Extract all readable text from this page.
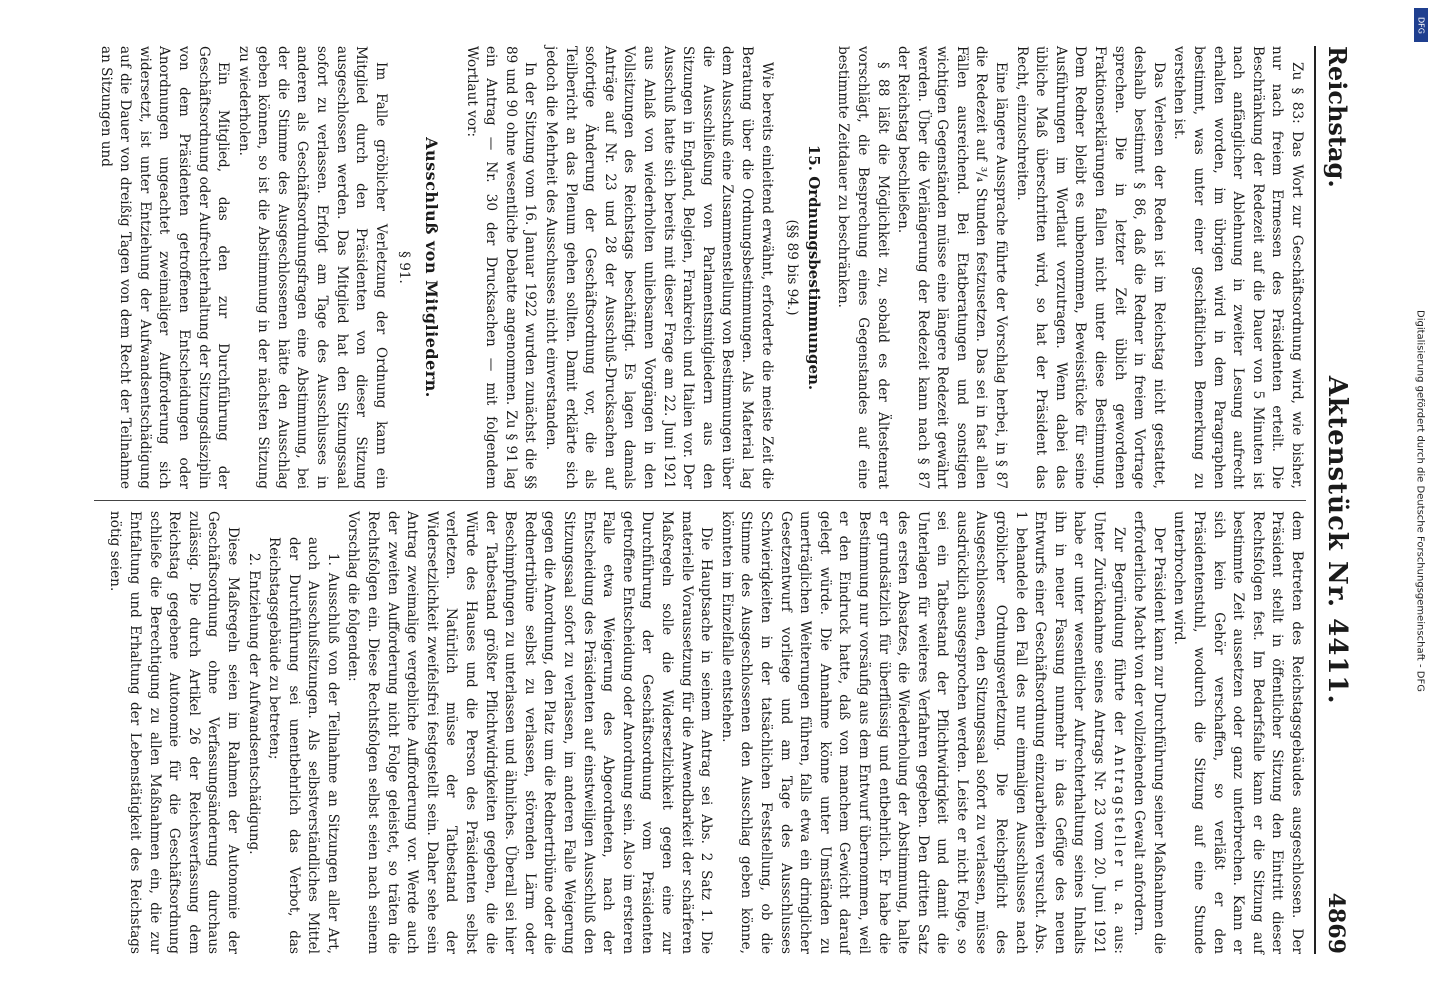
Reichstag.
Aktenstück Nr. 4411.
4869

Zu § 83: Das Wort zur Geschäftsordnung wird, wie bisher, nur nach freiem Ermessen des Präsidenten erteilt. Die Beschränkung der Redezeit auf die Dauer von 5 Minuten ist nach anfänglicher Ablehnung in zweiter Lesung aufrecht erhalten worden, im übrigen wird in dem Paragraphen bestimmt, was unter einer geschäftlichen Bemerkung zu verstehen ist.

Das Verlesen der Reden ist im Reichstag nicht gestattet, deshalb bestimmt § 86, daß die Redner in freiem Vortrage sprechen. Die in letzter Zeit üblich gewordenen Fraktionserklärungen fallen nicht unter diese Bestimmung. Dem Redner bleibt es unbenommen, Beweisstücke für seine Ausführungen im Wortlaut vorzutragen. Wenn dabei das übliche Maß überschritten wird, so hat der Präsident das Recht, einzuschreiten.

Eine längere Aussprache führte der Vorschlag herbei, in § 87 die Redezeit auf ³/₄ Stunden festzusetzen. Das sei in fast allen Fällen ausreichend. Bei Etatberatungen und sonstigen wichtigen Gegenständen müsse eine längere Redezeit gewährt werden. Über die Verlängerung der Redezeit kann nach § 87 der Reichstag beschließen.

§ 88 läßt die Möglichkeit zu, sobald es der Ältestenrat vorschlägt, die Besprechung eines Gegenstandes auf eine bestimmte Zeitdauer zu beschränken.

15. Ordnungsbestimmungen.
(§§ 89 bis 94.)

Wie bereits einleitend erwähnt, erforderte die meiste Zeit die Beratung über die Ordnungsbestimmungen. Als Material lag dem Ausschuß eine Zusammenstellung von Bestimmungen über die Ausschließung von Parlamentsmitgliedern aus den Sitzungen in England, Belgien, Frankreich und Italien vor. Der Ausschuß hatte sich bereits mit dieser Frage am 22. Juni 1921 aus Anlaß von wiederholten unliebsamen Vorgängen in den Vollsitzungen des Reichstags beschäftigt. Es lagen damals Anträge auf Nr. 23 und 28 der Ausschuß-Drucksachen auf sofortige Änderung der Geschäftsordnung vor, die als Teilbericht an das Plenum gehen sollten. Damit erklärte sich jedoch die Mehrheit des Ausschusses nicht einverstanden.

In der Sitzung vom 16. Januar 1922 wurden zunächst die §§ 89 und 90 ohne wesentliche Debatte angenommen. Zu § 91 lag ein Antrag — Nr. 30 der Drucksachen — mit folgendem Wortlaut vor:

Ausschluß von Mitgliedern.
§ 91.

Im Falle gröblicher Verletzung der Ordnung kann ein Mitglied durch den Präsidenten von dieser Sitzung ausgeschlossen werden. Das Mitglied hat den Sitzungssaal sofort zu verlassen. Erfolgt am Tage des Ausschlusses in anderen als Geschäftsordnungsfragen eine Abstimmung, bei der die Stimme des Ausgeschlossenen hätte den Ausschlag geben können, so ist die Abstimmung in der nächsten Sitzung zu wiederholen.

Ein Mitglied, das den zur Durchführung der Geschäftsordnung oder Aufrechterhaltung der Sitzungsdisziplin von dem Präsidenten getroffenen Entscheidungen oder Anordnungen ungeachtet zweimaliger Aufforderung sich widersetzt, ist unter Entziehung der Aufwandsentschädigung auf die Dauer von dreißig Tagen von dem Recht der Teilnahme an Sitzungen und

dem Betreten des Reichstagsgebäudes ausgeschlossen. Der Präsident stellt in öffentlicher Sitzung den Eintritt dieser Rechtsfolgen fest. Im Bedarfsfalle kann er die Sitzung auf bestimmte Zeit aussetzen oder ganz unterbrechen. Kann er sich kein Gehör verschaffen, so verläßt er den Präsidentenstuhl, wodurch die Sitzung auf eine Stunde unterbrochen wird.

Der Präsident kann zur Durchführung seiner Maßnahmen die erforderliche Macht von der vollziehenden Gewalt anfordern.

Zur Begründung führte der Antragsteller u. a. aus: Unter Zurücknahme seines Antrags Nr. 23 vom 20. Juni 1921 habe er unter wesentlicher Aufrechterhaltung seines Inhalts ihn in neuer Fassung nunmehr in das Gefüge des neuen Entwurfs einer Geschäftsordnung einzuarbeiten versucht. Abs. 1 behandele den Fall des nur einmaligen Ausschlusses nach gröblicher Ordnungsverletzung. Die Reichspflicht des Ausgeschlossenen, den Sitzungssaal sofort zu verlassen, müsse ausdrücklich ausgesprochen werden. Leiste er nicht Folge, so sei ein Tatbestand der Pflichtwidrigkeit und damit die Unterlagen für weiteres Verfahren gegeben. Den dritten Satz des ersten Absatzes, die Wiederholung der Abstimmung, halte er grundsätzlich für überflüssig und entbehrlich. Er habe die Bestimmung nur vorsäufig aus dem Entwurf übernommen, weil er den Eindruck hatte, daß von manchem Gewicht darauf gelegt würde. Die Annahme könne unter Umständen zu unerträglichen Weiterungen führen, falls etwa ein dringlicher Gesetzentwurf vorliege und am Tage des Ausschlusses Schwierigkeiten in der tatsächlichen Feststellung, ob die Stimme des Ausgeschlossenen den Ausschlag geben könne, könnten im Einzelfalle entstehen.

Die Hauptsache in seinem Antrag sei Abs. 2 Satz 1. Die materielle Voraussetzung für die Anwendbarkeit der schärferen Maßregeln solle die Widersetzlichkeit gegen eine zur Durchführung der Geschäftsordnung vom Präsidenten getroffene Entscheidung oder Anordnung sein. Also im ersteren Falle etwa Weigerung des Abgeordneten, nach der Entscheidung des Präsidenten auf einstweiligen Ausschluß den Sitzungssaal sofort zu verlassen, im anderen Falle Weigerung gegen die Anordnung, den Platz um die Rednertribüne oder die Rednertribüne selbst zu verlassen, störenden Lärm oder Beschimpfungen zu unterlassen und ähnliches. Überall sei hier der Tatbestand größter Pflichtwidrigkeiten gegeben, die die Würde des Hauses und die Person des Präsidenten selbst verletzen. Natürlich müsse der Tatbestand der Widersetzlichkeit zweifelsfrei festgestellt sein. Daher sehe sein Antrag zweimalige vergebliche Aufforderung vor. Werde auch der zweiten Aufforderung nicht Folge geleistet, so träten die Rechtsfolgen ein. Diese Rechtsfolgen selbst seien nach seinem Vorschlag die folgenden:

1. Ausschluß von der Teilnahme an Sitzungen aller Art, auch Ausschußsitzungen. Als selbstverständliches Mittel der Durchführung sei unentbehrlich das Verbot, das Reichstagsgebäude zu betreten;

2. Entziehung der Aufwandsentschädigung.

Diese Maßregeln seien im Rahmen der Autonomie der Geschäftsordnung ohne Verfassungsänderung durchaus zulässig. Die durch Artikel 26 der Reichsverfassung dem Reichstag gegebene Autonomie für die Geschäftsordnung schließe die Berechtigung zu allen Maßnahmen ein, die zur Entfaltung und Erhaltung der Lebenstätigkeit des Reichstags nötig seien.

DFG
Digitalisierung gefördert durch die Deutsche Forschungsgemeinschaft - DFG
